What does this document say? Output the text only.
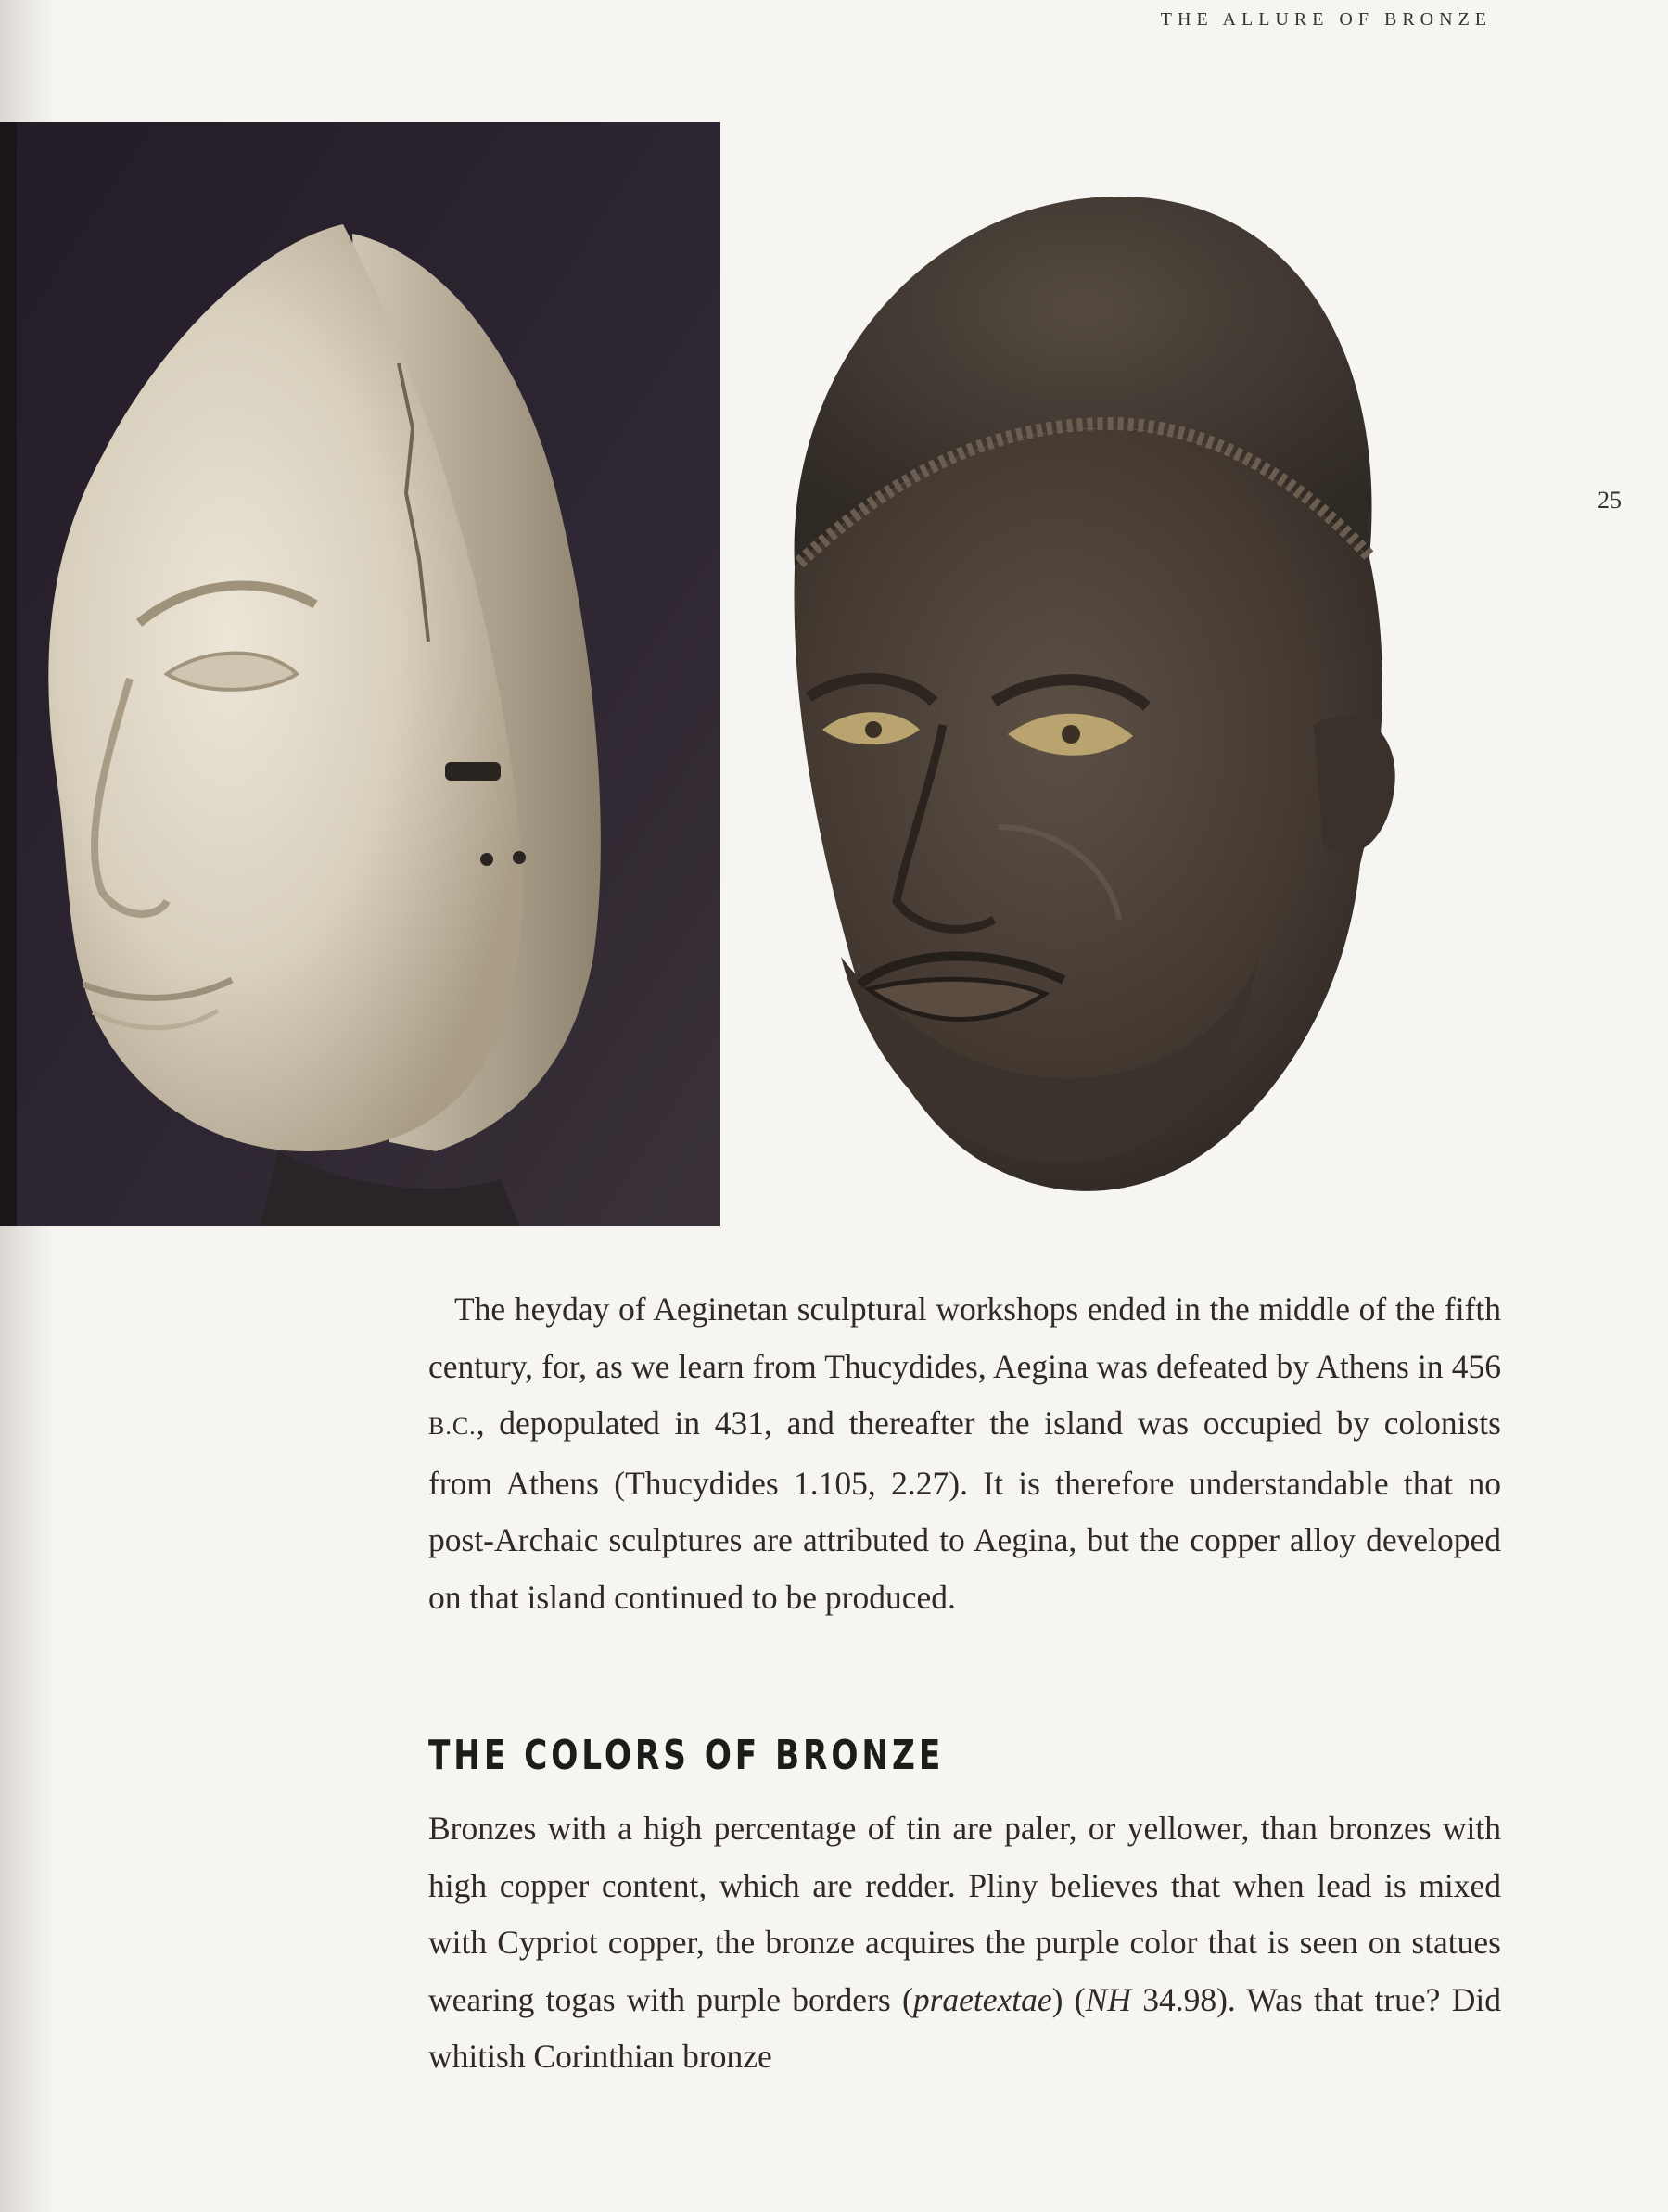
THE ALLURE OF BRONZE
25

The heyday of Aeginetan sculptural workshops ended in the middle of the fifth century, for, as we learn from Thucydides, Aegina was defeated by Athens in 456 B.C., depopulated in 431, and thereafter the island was occupied by colonists from Athens (Thucydides 1.105, 2.27). It is therefore understandable that no post-Archaic sculptures are attributed to Aegina, but the copper alloy developed on that island continued to be produced.

THE COLORS OF BRONZE

Bronzes with a high percentage of tin are paler, or yellower, than bronzes with high copper content, which are redder. Pliny believes that when lead is mixed with Cypriot copper, the bronze acquires the purple color that is seen on statues wearing togas with purple borders (praetextae) (NH 34.98). Was that true? Did whitish Corinthian bronze
